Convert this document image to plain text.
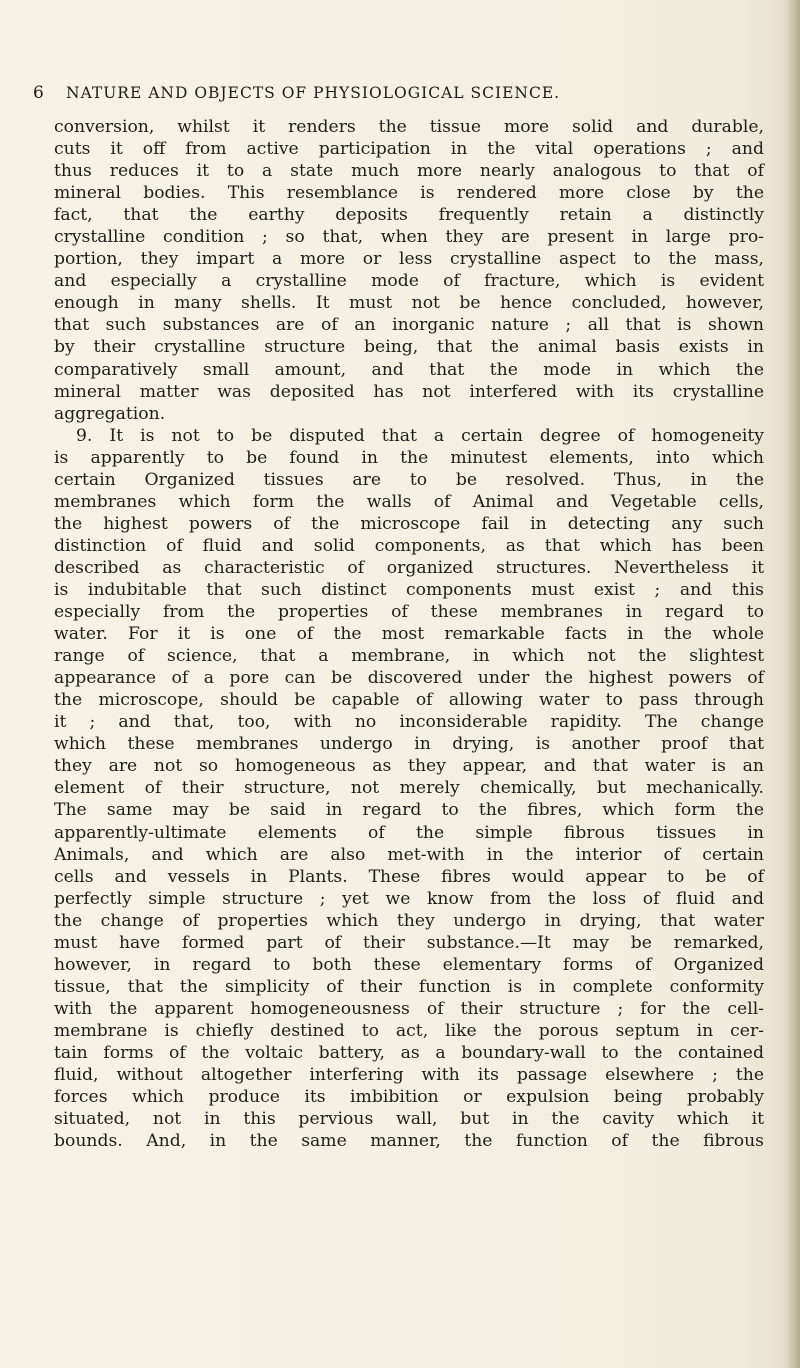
6 NATURE AND OBJECTS OF PHYSIOLOGICAL SCIENCE.
conversion, whilst it renders the tissue more solid and durable,
cuts it off from active participation in the vital operations ; and
thus reduces it to a state much more nearly analogous to that of
mineral bodies. This resemblance is rendered more close by the
fact, that the earthy deposits frequently retain a distinctly
crystalline condition ; so that, when they are present in large pro-
portion, they impart a more or less crystalline aspect to the mass,
and especially a crystalline mode of fracture, which is evident
enough in many shells. It must not be hence concluded, however,
that such substances are of an inorganic nature ; all that is shown
by their crystalline structure being, that the animal basis exists in
comparatively small amount, and that the mode in which the
mineral matter was deposited has not interfered with its crystalline
aggregation.
9. It is not to be disputed that a certain degree of homogeneity
is apparently to be found in the minutest elements, into which
certain Organized tissues are to be resolved. Thus, in the
membranes which form the walls of Animal and Vegetable cells,
the highest powers of the microscope fail in detecting any such
distinction of fluid and solid components, as that which has been
described as characteristic of organized structures. Nevertheless it
is indubitable that such distinct components must exist ; and this
especially from the properties of these membranes in regard to
water. For it is one of the most remarkable facts in the whole
range of science, that a membrane, in which not the slightest
appearance of a pore can be discovered under the highest powers of
the microscope, should be capable of allowing water to pass through
it ; and that, too, with no inconsiderable rapidity. The change
which these membranes undergo in drying, is another proof that
they are not so homogeneous as they appear, and that water is an
element of their structure, not merely chemically, but mechanically.
The same may be said in regard to the fibres, which form the
apparently-ultimate elements of the simple fibrous tissues in
Animals, and which are also met-with in the interior of certain
cells and vessels in Plants. These fibres would appear to be of
perfectly simple structure ; yet we know from the loss of fluid and
the change of properties which they undergo in drying, that water
must have formed part of their substance.—It may be remarked,
however, in regard to both these elementary forms of Organized
tissue, that the simplicity of their function is in complete conformity
with the apparent homogeneousness of their structure ; for the cell-
membrane is chiefly destined to act, like the porous septum in cer-
tain forms of the voltaic battery, as a boundary-wall to the contained
fluid, without altogether interfering with its passage elsewhere ; the
forces which produce its imbibition or expulsion being probably
situated, not in this pervious wall, but in the cavity which it
bounds. And, in the same manner, the function of the fibrous
